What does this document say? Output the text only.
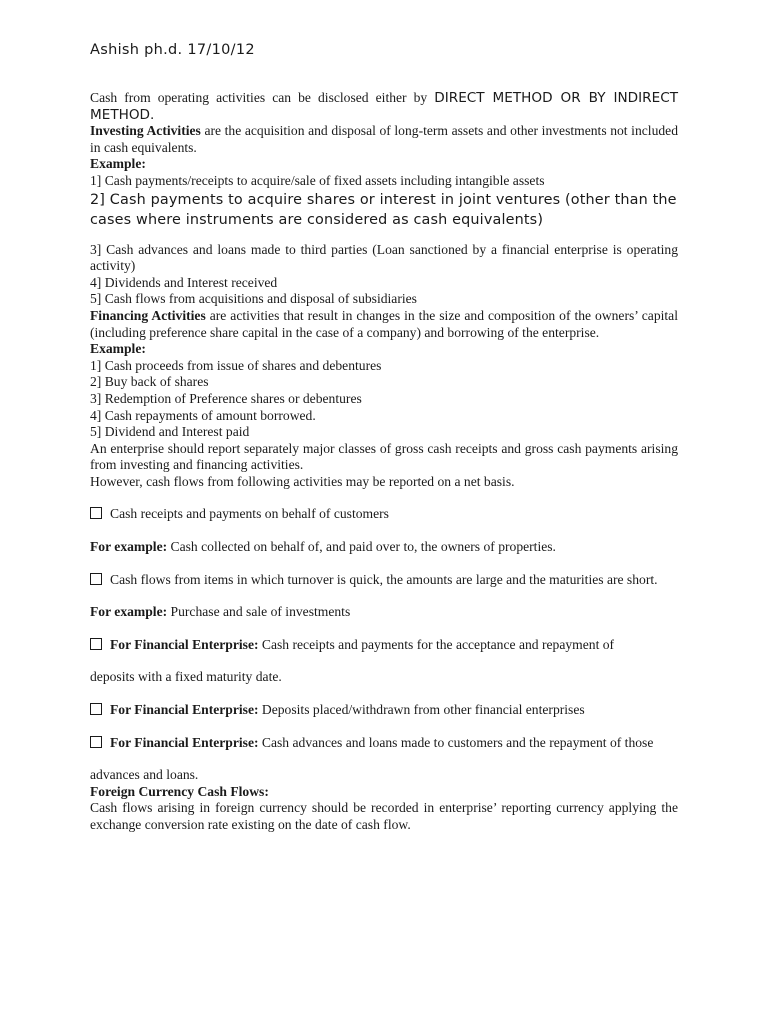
Ashish ph.d. 17/10/12

Cash from operating activities can be disclosed either by DIRECT METHOD OR BY INDIRECT METHOD.

Investing Activities are the acquisition and disposal of long-term assets and other investments not included in cash equivalents.

Example:

1] Cash payments/receipts to acquire/sale of fixed assets including intangible assets

2] Cash payments to acquire shares or interest in joint ventures (other than the cases where instruments are considered as cash equivalents)

3] Cash advances and loans made to third parties (Loan sanctioned by a financial enterprise is operating activity)

4] Dividends and Interest received

5] Cash flows from acquisitions and disposal of subsidiaries

Financing Activities are activities that result in changes in the size and composition of the owners’ capital (including preference share capital in the case of a company) and borrowing of the enterprise.

Example:

1] Cash proceeds from issue of shares and debentures

2] Buy back of shares

3] Redemption of Preference shares or debentures

4] Cash repayments of amount borrowed.

5] Dividend and Interest paid

An enterprise should report separately major classes of gross cash receipts and gross cash payments arising from investing and financing activities.

However, cash flows from following activities may be reported on a net basis.

Cash receipts and payments on behalf of customers

For example: Cash collected on behalf of, and paid over to, the owners of properties.

Cash flows from items in which turnover is quick, the amounts are large and the maturities are short.

For example: Purchase and sale of investments

For Financial Enterprise: Cash receipts and payments for the acceptance and repayment of

deposits with a fixed maturity date.

For Financial Enterprise: Deposits placed/withdrawn from other financial enterprises

For Financial Enterprise: Cash advances and loans made to customers and the repayment of those

advances and loans.

Foreign Currency Cash Flows:

Cash flows arising in foreign currency should be recorded in enterprise’ reporting currency applying the exchange conversion rate existing on the date of cash flow.
